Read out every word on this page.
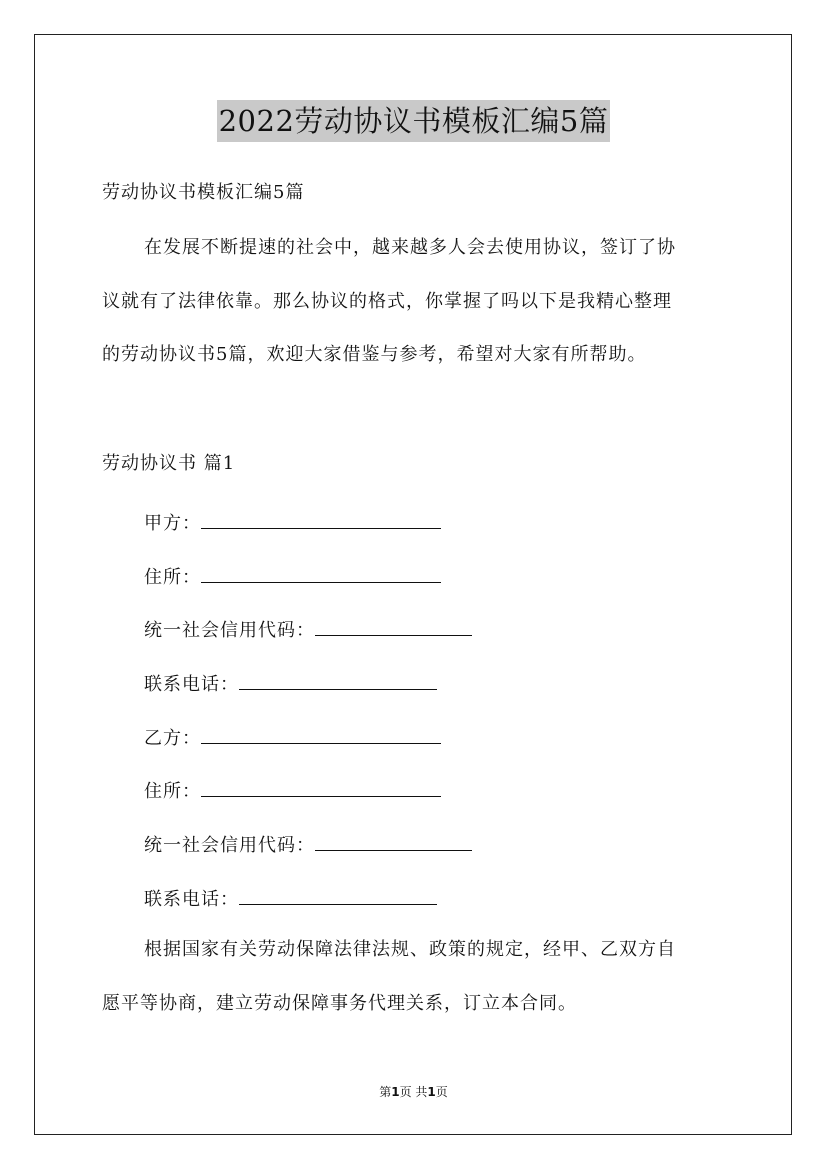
2022劳动协议书模板汇编5篇

劳动协议书模板汇编5篇

在发展不断提速的社会中，越来越多人会去使用协议，签订了协

议就有了法律依靠。那么协议的格式，你掌握了吗以下是我精心整理

的劳动协议书5篇，欢迎大家借鉴与参考，希望对大家有所帮助。

劳动协议书 篇1

甲方：

住所：

统一社会信用代码：

联系电话：

乙方：

住所：

统一社会信用代码：

联系电话：

根据国家有关劳动保障法律法规、政策的规定，经甲、乙双方自

愿平等协商，建立劳动保障事务代理关系，订立本合同。

第1页 共1页
